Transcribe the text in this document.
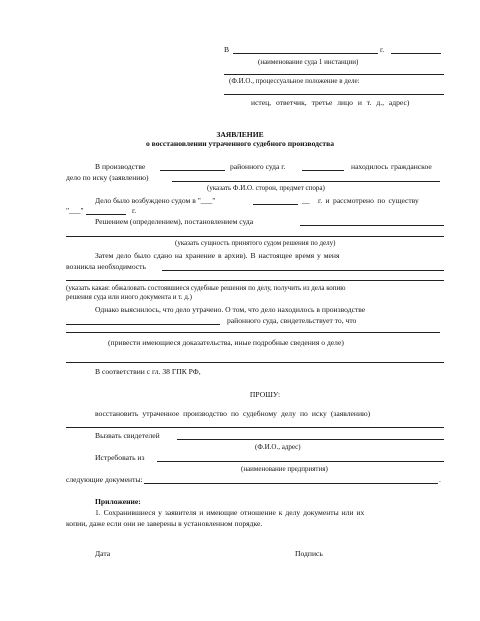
В	г.
(наименование суда 1 инстанции)
(Ф.И.О., процессуальное положение в деле:
истец, ответчик, третье лицо и т. д., адрес)
ЗАЯВЛЕНИЕ
о восстановлении утраченного судебного производства
В производстве	районного суда г.	находилось гражданское
дело по иску (заявлению)
(указать Ф.И.О. сторон, предмет спора)
Дело было возбуждено судом в "___"	__ г. и рассмотрено по существу
"___"	г.
Решением (определением), постановлением суда
(указать сущность принятого судом решения по делу)
Затем дело было сдано на хранение в архив). В настоящее время у меня
возникла необходимость
(указать какая: обжаловать состоявшиеся судебные решения по делу, получить из дела копию
решения суда или иного документа и т. д.)
Однако выяснилось, что дело утрачено. О том, что дело находилось в производстве
районного суда, свидетельствует то, что
(привести имеющиеся доказательства, иные подробные сведения о деле)
В соответствии с гл. 38 ГПК РФ,
ПРОШУ:
восстановить утраченное производство по судебному делу по иску (заявлению)
Вызвать свидетелей
(Ф.И.О., адрес)
Истребовать из
(наименование предприятия)
следующие документы:	.
Приложение:
1. Сохранившиеся у заявителя и имеющие отношение к делу документы или их
копии, даже если они не заверены в установленном порядке.
Дата	Подпись
